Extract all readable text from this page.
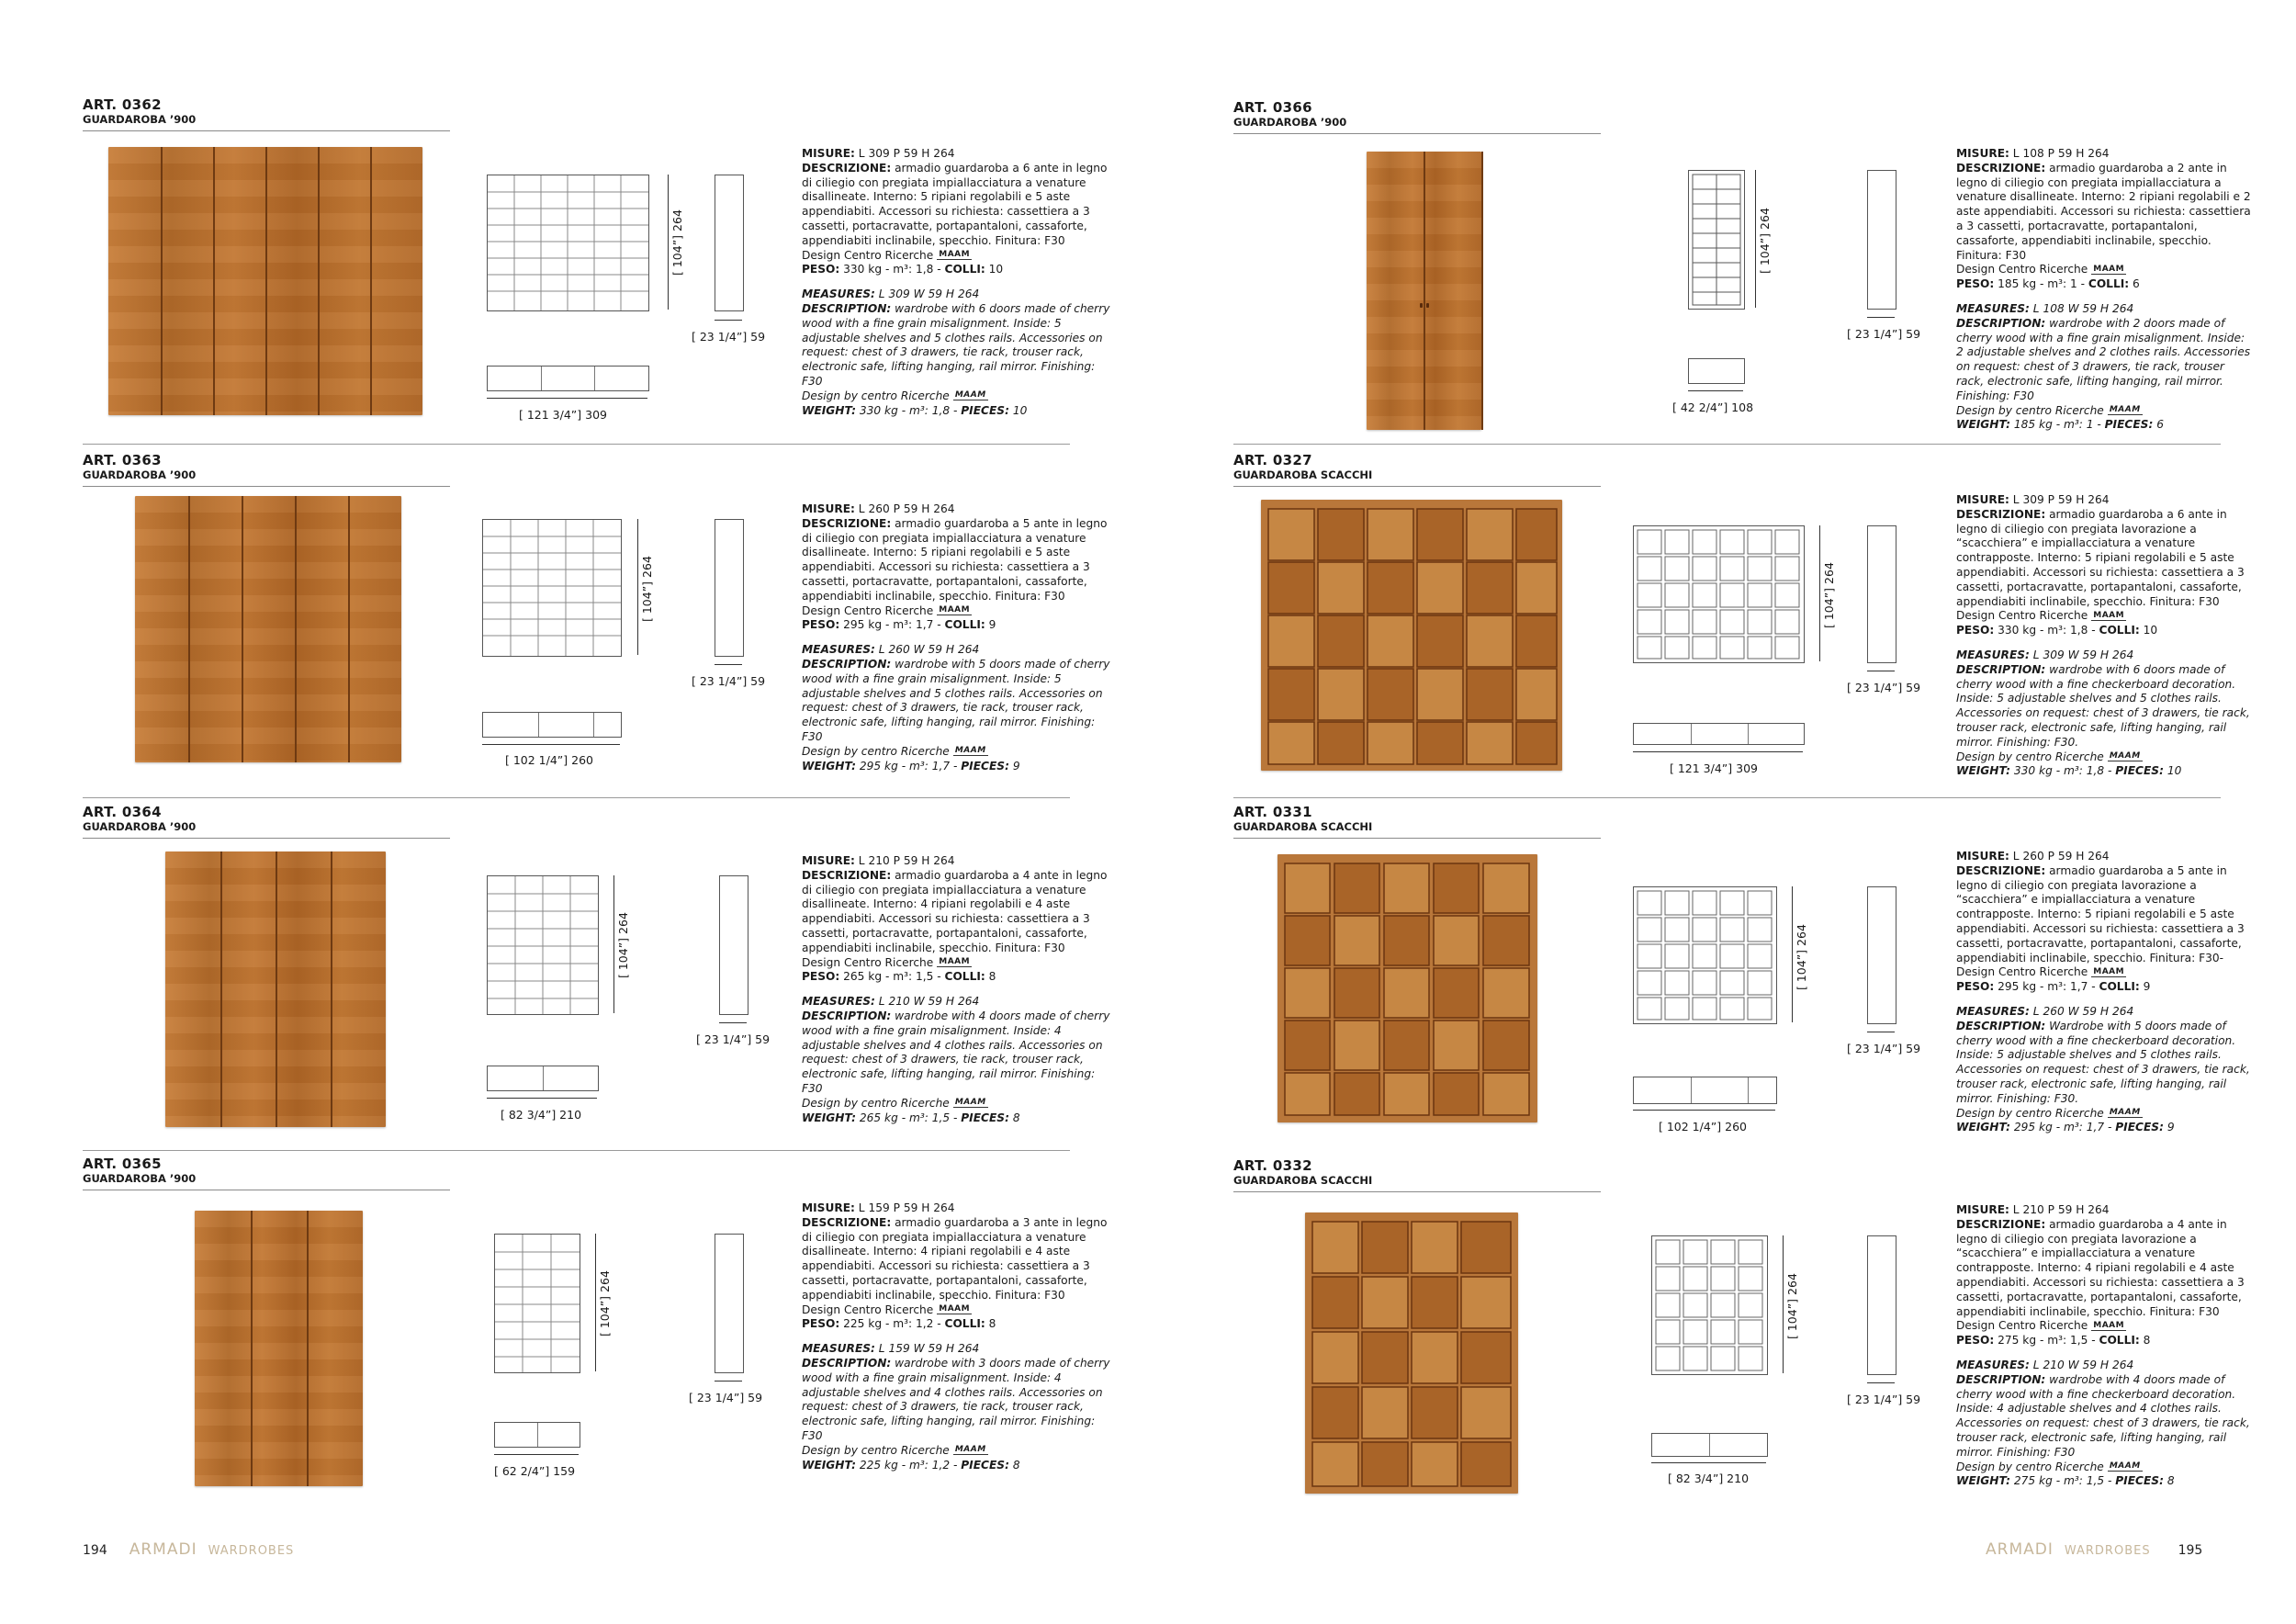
ART. 0362
GUARDAROBA ’900
[ 104”] 264
[ 121 3/4”] 309
[ 23 1/4”] 59

MISURE: L 309 P 59 H 264

DESCRIZIONE: armadio guardaroba a 6 ante in legno di ciliegio con pregiata impiallacciatura a venature disallineate. Interno: 5 ripiani regolabili e 5 aste appendiabiti. Accessori su richiesta: cassettiera a 3 cassetti, portacravatte, portapantaloni, cassaforte, appendiabiti inclinabile, specchio. Finitura: F30

Design Centro Ricerche MAAM

PESO: 330 kg - m³: 1,8 - COLLI: 10

MEASURES: L 309 W 59 H 264

DESCRIPTION: wardrobe with 6 doors made of cherry wood with a fine grain misalignment. Inside: 5 adjustable shelves and 5 clothes rails. Accessories on request: chest of 3 drawers, tie rack, trouser rack, electronic safe, lifting hanging, rail mirror. Finishing: F30

Design by centro Ricerche MAAM

WEIGHT: 330 kg - m³: 1,8 - PIECES: 10

ART. 0363
GUARDAROBA ’900
[ 104”] 264
[ 102 1/4”] 260
[ 23 1/4”] 59

MISURE: L 260 P 59 H 264

DESCRIZIONE: armadio guardaroba a 5 ante in legno di ciliegio con pregiata impiallacciatura a venature disallineate. Interno: 5 ripiani regolabili e 5 aste appendiabiti. Accessori su richiesta: cassettiera a 3 cassetti, portacravatte, portapantaloni, cassaforte, appendiabiti inclinabile, specchio. Finitura: F30

Design Centro Ricerche MAAM

PESO: 295 kg - m³: 1,7 - COLLI: 9

MEASURES: L 260 W 59 H 264

DESCRIPTION: wardrobe with 5 doors made of cherry wood with a fine grain misalignment. Inside: 5 adjustable shelves and 5 clothes rails. Accessories on request: chest of 3 drawers, tie rack, trouser rack, electronic safe, lifting hanging, rail mirror. Finishing: F30

Design by centro Ricerche MAAM

WEIGHT: 295 kg - m³: 1,7 - PIECES: 9

ART. 0364
GUARDAROBA ’900
[ 104”] 264
[ 82 3/4”] 210
[ 23 1/4”] 59

MISURE: L 210 P 59 H 264

DESCRIZIONE: armadio guardaroba a 4 ante in legno di ciliegio con pregiata impiallacciatura a venature disallineate. Interno: 4 ripiani regolabili e 4 aste appendiabiti. Accessori su richiesta: cassettiera a 3 cassetti, portacravatte, portapantaloni, cassaforte, appendiabiti inclinabile, specchio. Finitura: F30

Design Centro Ricerche MAAM

PESO: 265 kg - m³: 1,5 - COLLI: 8

MEASURES: L 210 W 59 H 264

DESCRIPTION: wardrobe with 4 doors made of cherry wood with a fine grain misalignment. Inside: 4 adjustable shelves and 4 clothes rails. Accessories on request: chest of 3 drawers, tie rack, trouser rack, electronic safe, lifting hanging, rail mirror. Finishing: F30

Design by centro Ricerche MAAM

WEIGHT: 265 kg - m³: 1,5 - PIECES: 8

ART. 0365
GUARDAROBA ’900
[ 104”] 264
[ 62 2/4”] 159
[ 23 1/4”] 59

MISURE: L 159 P 59 H 264

DESCRIZIONE: armadio guardaroba a 3 ante in legno di ciliegio con pregiata impiallacciatura a venature disallineate. Interno: 4 ripiani regolabili e 4 aste appendiabiti. Accessori su richiesta: cassettiera a 3 cassetti, portacravatte, portapantaloni, cassaforte, appendiabiti inclinabile, specchio. Finitura: F30

Design Centro Ricerche MAAM

PESO: 225 kg - m³: 1,2 - COLLI: 8

MEASURES: L 159 W 59 H 264

DESCRIPTION: wardrobe with 3 doors made of cherry wood with a fine grain misalignment. Inside: 4 adjustable shelves and 4 clothes rails. Accessories on request: chest of 3 drawers, tie rack, trouser rack, electronic safe, lifting hanging, rail mirror. Finishing: F30

Design by centro Ricerche MAAM

WEIGHT: 225 kg - m³: 1,2 - PIECES: 8

ART. 0366
GUARDAROBA ’900
[ 104”] 264
[ 42 2/4”] 108
[ 23 1/4”] 59

MISURE: L 108 P 59 H 264

DESCRIZIONE: armadio guardaroba a 2 ante in legno di ciliegio con pregiata impiallacciatura a venature disallineate. Interno: 2 ripiani regolabili e 2 aste appendiabiti. Accessori su richiesta: cassettiera a 3 cassetti, portacravatte, portapantaloni, cassaforte, appendiabiti inclinabile, specchio. Finitura: F30

Design Centro Ricerche MAAM

PESO: 185 kg - m³: 1 - COLLI: 6

MEASURES: L 108 W 59 H 264

DESCRIPTION: wardrobe with 2 doors made of cherry wood with a fine grain misalignment. Inside: 2 adjustable shelves and 2 clothes rails. Accessories on request: chest of 3 drawers, tie rack, trouser rack, electronic safe, lifting hanging, rail mirror. Finishing: F30

Design by centro Ricerche MAAM

WEIGHT: 185 kg - m³: 1 - PIECES: 6

ART. 0327
GUARDAROBA SCACCHI
[ 104”] 264
[ 121 3/4”] 309
[ 23 1/4”] 59

MISURE: L 309 P 59 H 264

DESCRIZIONE: armadio guardaroba a 6 ante in legno di ciliegio con pregiata lavorazione a “scacchiera” e impiallacciatura a venature contrapposte. Interno: 5 ripiani regolabili e 5 aste appendiabiti. Accessori su richiesta: cassettiera a 3 cassetti, portacravatte, portapantaloni, cassaforte, appendiabiti inclinabile, specchio. Finitura: F30

Design Centro Ricerche MAAM

PESO: 330 kg - m³: 1,8 - COLLI: 10

MEASURES: L 309 W 59 H 264

DESCRIPTION: wardrobe with 6 doors made of cherry wood with a fine checkerboard decoration. Inside: 5 adjustable shelves and 5 clothes rails. Accessories on request: chest of 3 drawers, tie rack, trouser rack, electronic safe, lifting hanging, rail mirror. Finishing: F30.

Design by centro Ricerche MAAM

WEIGHT: 330 kg - m³: 1,8 - PIECES: 10

ART. 0331
GUARDAROBA SCACCHI
[ 104”] 264
[ 102 1/4”] 260
[ 23 1/4”] 59

MISURE: L 260 P 59 H 264

DESCRIZIONE: armadio guardaroba a 5 ante in legno di ciliegio con pregiata lavorazione a “scacchiera” e impiallacciatura a venature contrapposte. Interno: 5 ripiani regolabili e 5 aste appendiabiti. Accessori su richiesta: cassettiera a 3 cassetti, portacravatte, portapantaloni, cassaforte, appendiabiti inclinabile, specchio. Finitura: F30- Design Centro Ricerche MAAM

PESO: 295 kg - m³: 1,7 - COLLI: 9

MEASURES: L 260 W 59 H 264

DESCRIPTION: Wardrobe with 5 doors made of cherry wood with a fine checkerboard decoration. Inside: 5 adjustable shelves and 5 clothes rails. Accessories on request: chest of 3 drawers, tie rack, trouser rack, electronic safe, lifting hanging, rail mirror. Finishing: F30.

Design by centro Ricerche MAAM

WEIGHT: 295 kg - m³: 1,7 - PIECES: 9

ART. 0332
GUARDAROBA SCACCHI
[ 104”] 264
[ 82 3/4”] 210
[ 23 1/4”] 59

MISURE: L 210 P 59 H 264

DESCRIZIONE: armadio guardaroba a 4 ante in legno di ciliegio con pregiata lavorazione a “scacchiera” e impiallacciatura a venature contrapposte. Interno: 4 ripiani regolabili e 4 aste appendiabiti. Accessori su richiesta: cassettiera a 3 cassetti, portacravatte, portapantaloni, cassaforte, appendiabiti inclinabile, specchio. Finitura: F30

Design Centro Ricerche MAAM

PESO: 275 kg - m³: 1,5 - COLLI: 8

MEASURES: L 210 W 59 H 264

DESCRIPTION: wardrobe with 4 doors made of cherry wood with a fine checkerboard decoration. Inside: 4 adjustable shelves and 4 clothes rails. Accessories on request: chest of 3 drawers, tie rack, trouser rack, electronic safe, lifting hanging, rail mirror. Finishing: F30

Design by centro Ricerche MAAM

WEIGHT: 275 kg - m³: 1,5 - PIECES: 8

194 ARMADI WARDROBES	ARMADI WARDROBES 195
